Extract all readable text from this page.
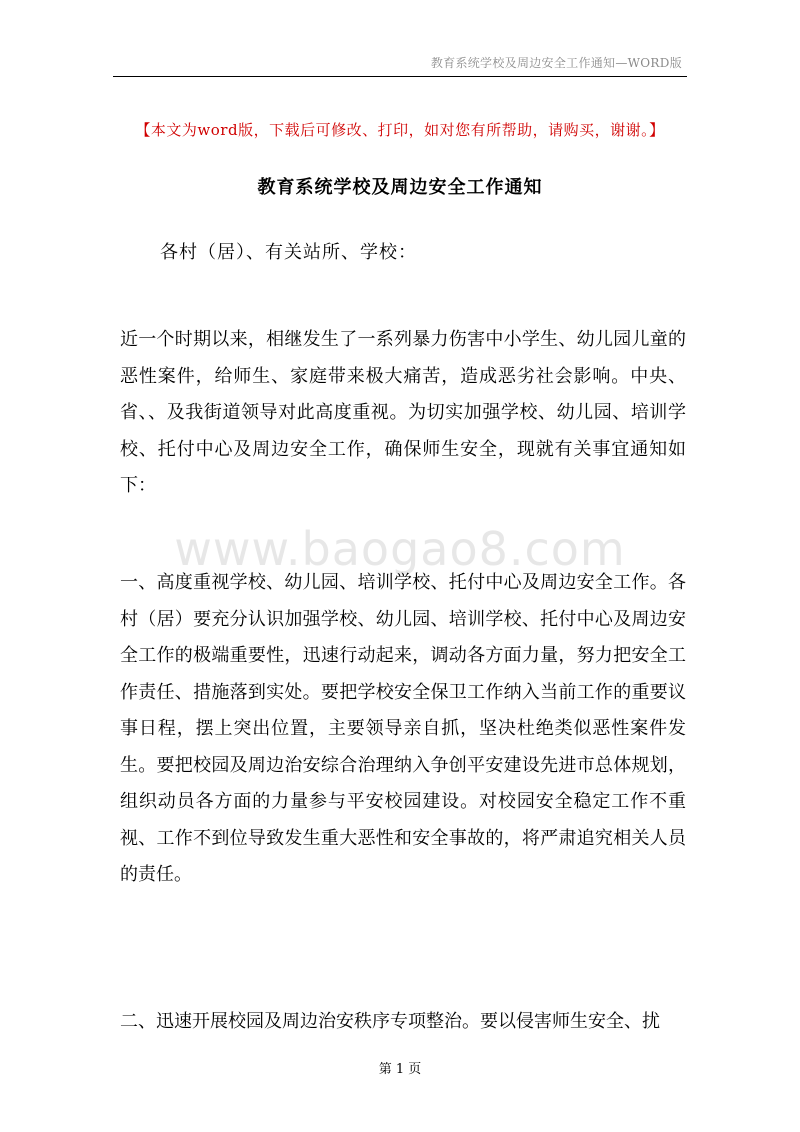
教育系统学校及周边安全工作通知—WORD版
【本文为word版，下载后可修改、打印，如对您有所帮助，请购买，谢谢。】
教育系统学校及周边安全工作通知
各村（居）、有关站所、学校：

近一个时期以来，相继发生了一系列暴力伤害中小学生、幼儿园儿童的恶性案件，给师生、家庭带来极大痛苦，造成恶劣社会影响。中央、省、、及我街道领导对此高度重视。为切实加强学校、幼儿园、培训学校、托付中心及周边安全工作，确保师生安全，现就有关事宜通知如下：

www.baogao8.com

一、高度重视学校、幼儿园、培训学校、托付中心及周边安全工作。各村（居）要充分认识加强学校、幼儿园、培训学校、托付中心及周边安全工作的极端重要性，迅速行动起来，调动各方面力量，努力把安全工作责任、措施落到实处。要把学校安全保卫工作纳入当前工作的重要议事日程，摆上突出位置，主要领导亲自抓，坚决杜绝类似恶性案件发生。要把校园及周边治安综合治理纳入争创平安建设先进市总体规划，组织动员各方面的力量参与平安校园建设。对校园安全稳定工作不重视、工作不到位导致发生重大恶性和安全事故的，将严肃追究相关人员的责任。

二、迅速开展校园及周边治安秩序专项整治。要以侵害师生安全、扰

第 1 页
